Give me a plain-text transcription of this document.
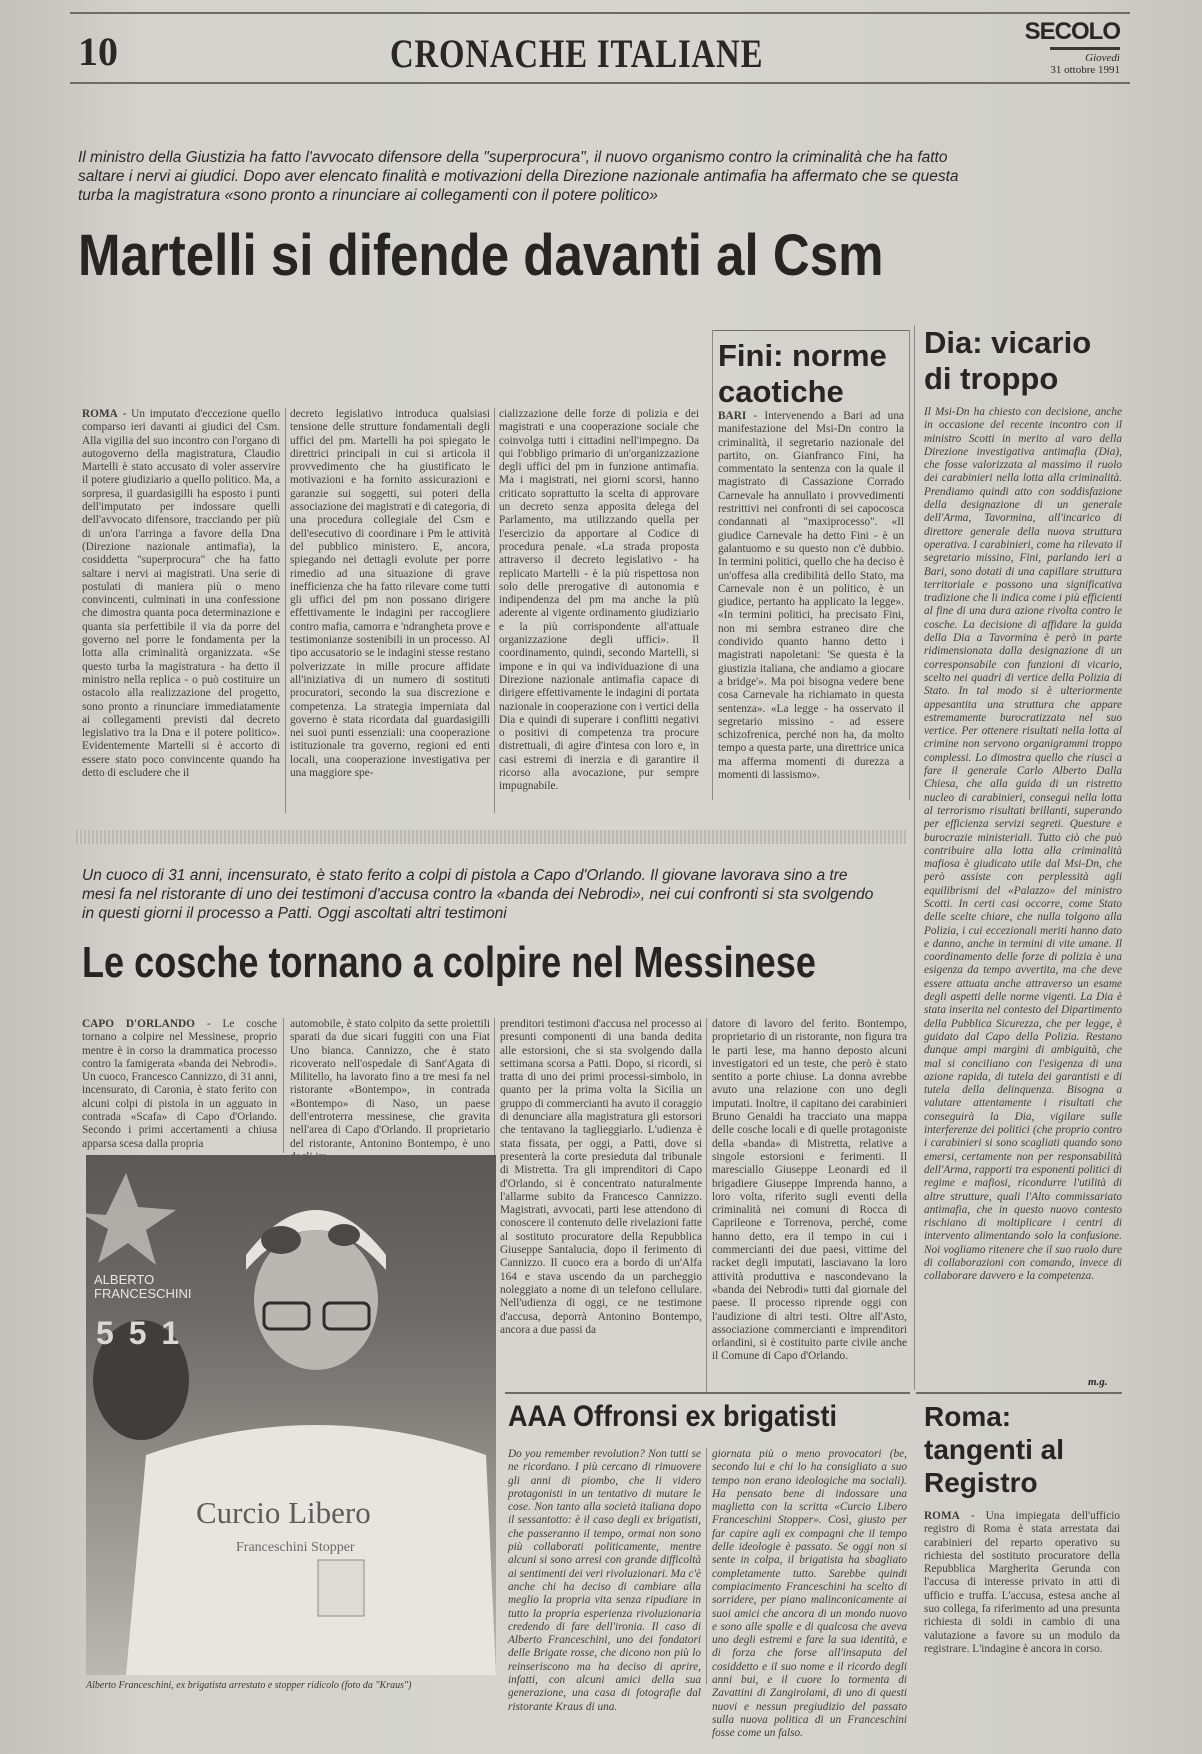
10	CRONACHE ITALIANE	SECOLO
Giovedì
31 ottobre 1991
Il ministro della Giustizia ha fatto l'avvocato difensore della "superprocura", il nuovo organismo contro la criminalità che ha fatto saltare i nervi ai giudici. Dopo aver elencato finalità e motivazioni della Direzione nazionale antimafia ha affermato che se questa turba la magistratura «sono pronto a rinunciare ai collegamenti con il potere politico»
Martelli si difende davanti al Csm
ROMA - Un imputato d'eccezione quello comparso ieri davanti ai giudici del Csm. Alla vigilia del suo incontro con l'organo di autogoverno della magistratura, Claudio Martelli è stato accusato di voler asservire il potere giudiziario a quello politico. Ma, a sorpresa, il guardasigilli ha esposto i punti dell'imputato per indossare quelli dell'avvocato difensore, tracciando per più di un'ora l'arringa a favore della Dna (Direzione nazionale antimafia), la cosiddetta "superprocura" che ha fatto saltare i nervi ai magistrati. Una serie di postulati di maniera più o meno convincenti, culminati in una confessione che dimostra quanta poca determinazione e quanta sia perfettibile il via da porre del governo nel porre le fondamenta per la lotta alla criminalità organizzata. «Se questo turba la magistratura - ha detto il ministro nella replica - o può costituire un ostacolo alla realizzazione del progetto, sono pronto a rinunciare immediatamente ai collegamenti previsti dal decreto legislativo tra la Dna e il potere politico». Evidentemente Martelli si è accorto di essere stato poco convincente quando ha detto di escludere che il
decreto legislativo introduca qualsiasi tensione delle strutture fondamentali degli uffici del pm. Martelli ha poi spiegato le direttrici principali in cui si articola il provvedimento che ha giustificato le motivazioni e ha fornito assicurazioni e garanzie sui soggetti, sui poteri della associazione dei magistrati e di categoria, di una procedura collegiale del Csm e dell'esecutivo di coordinare i Pm le attività del pubblico ministero. E, ancora, spiegando nei dettagli evolute per porre rimedio ad una situazione di grave inefficienza che ha fatto rilevare come tutti gli uffici del pm non possano dirigere effettivamente le indagini per raccogliere contro mafia, camorra e 'ndrangheta prove e testimonianze sostenibili in un processo. Al tipo accusatorio se le indagini stesse restano polverizzate in mille procure affidate all'iniziativa di un numero di sostituti procuratori, secondo la sua discrezione e competenza. La strategia imperniata dal governo è stata ricordata dal guardasigilli nei suoi punti essenziali: una cooperazione istituzionale tra governo, regioni ed enti locali, una cooperazione investigativa per una maggiore spe-
cializzazione delle forze di polizia e dei magistrati e una cooperazione sociale che coinvolga tutti i cittadini nell'impegno. Da qui l'obbligo primario di un'organizzazione degli uffici del pm in funzione antimafia. Ma i magistrati, nei giorni scorsi, hanno criticato soprattutto la scelta di approvare un decreto senza apposita delega del Parlamento, ma utilizzando quella per l'esercizio da apportare al Codice di procedura penale. «La strada proposta attraverso il decreto legislativo - ha replicato Martelli - è la più rispettosa non solo delle prerogative di autonomia e indipendenza del pm ma anche la più aderente al vigente ordinamento giudiziario e la più corrispondente all'attuale organizzazione degli uffici». Il coordinamento, quindi, secondo Martelli, si impone e in qui va individuazione di una Direzione nazionale antimafia capace di dirigere effettivamente le indagini di portata nazionale in cooperazione con i vertici della Dia e quindi di superare i conflitti negativi o positivi di competenza tra procure distrettuali, di agire d'intesa con loro e, in casi estremi di inerzia e di garantire il ricorso alla avocazione, pur sempre impugnabile.
Fini: norme caotiche
BARI - Intervenendo a Bari ad una manifestazione del Msi-Dn contro la criminalità, il segretario nazionale del partito, on. Gianfranco Fini, ha commentato la sentenza con la quale il magistrato di Cassazione Corrado Carnevale ha annullato i provvedimenti restrittivi nei confronti di sei capocosca condannati al "maxiprocesso". «Il giudice Carnevale ha detto Fini - è un galantuomo e su questo non c'è dubbio. In termini politici, quello che ha deciso è un'offesa alla credibilità dello Stato, ma Carnevale non è un politico, è un giudice, pertanto ha applicato la legge». «In termini politici, ha precisato Fini, non mi sembra estraneo dire che condivido quanto hanno detto i magistrati napoletani: 'Se questa è la giustizia italiana, che andiamo a giocare a bridge'». Ma poi bisogna vedere bene cosa Carnevale ha richiamato in questa sentenza». «La legge - ha osservato il segretario missino - ad essere schizofrenica, perché non ha, da molto tempo a questa parte, una direttrice unica ma afferma momenti di durezza a momenti di lassismo».
Dia: vicario di troppo
Il Msi-Dn ha chiesto con decisione, anche in occasione del recente incontro con il ministro Scotti in merito al varo della Direzione investigativa antimafia (Dia), che fosse valorizzata al massimo il ruolo dei carabinieri nella lotta alla criminalità. Prendiamo quindi atto con soddisfazione della designazione di un generale dell'Arma, Tavormina, all'incarico di direttore generale della nuova struttura operativa. I carabinieri, come ha rilevato il segretario missino, Fini, parlando ieri a Bari, sono dotati di una capillare struttura territoriale e possono una significativa tradizione che li indica come i più efficienti al fine di una dura azione rivolta contro le cosche. La decisione di affidare la guida della Dia a Tavormina è però in parte ridimensionata dalla designazione di un corresponsabile con funzioni di vicario, scelto nei quadri di vertice della Polizia di Stato. In tal modo si è ulteriormente appesantita una struttura che appare estremamente burocratizzata nel suo vertice. Per ottenere risultati nella lotta al crimine non servono organigrammi troppo complessi. Lo dimostra quello che riuscì a fare il generale Carlo Alberto Dalla Chiesa, che alla guida di un ristretto nucleo di carabinieri, conseguì nella lotta al terrorismo risultati brillanti, superando per efficienza servizi segreti. Questure e burocrazie ministeriali. Tutto ciò che può contribuire alla lotta alla criminalità mafiosa è giudicato utile dal Msi-Dn, che però assiste con perplessità agli equilibrismi del «Palazzo» del ministro Scotti. In certi casi occorre, come Stato delle scelte chiare, che nulla tolgono alla Polizia, i cui eccezionali meriti hanno dato e danno, anche in termini di vite umane. Il coordinamento delle forze di polizia è una esigenza da tempo avvertita, ma che deve essere attuata anche attraverso un esame degli aspetti delle norme vigenti. La Dia è stata inserita nel contesto del Dipartimento della Pubblica Sicurezza, che per legge, è guidato dal Capo della Polizia. Restano dunque ampi margini di ambiguità, che mal si conciliano con l'esigenza di una azione rapida, di tutela dei garantisti e di tutela della delinquenza. Bisogna a valutare attentamente i risultati che conseguirà la Dia, vigilare sulle interferenze dei politici (che proprio contro i carabinieri si sono scagliati quando sono emersi, certamente non per responsabilità dell'Arma, rapporti tra esponenti politici di regime e mafiosi, ricondurre l'utilità di altre strutture, quali l'Alto commissariato antimafia, che in questo nuovo contesto rischiano di moltiplicare i centri di intervento alimentando solo la confusione. Noi vogliamo ritenere che il suo ruolo dure di collaborazioni con comando, invece di collaborare davvero e la competenza.
m.g.
Un cuoco di 31 anni, incensurato, è stato ferito a colpi di pistola a Capo d'Orlando. Il giovane lavorava sino a tre mesi fa nel ristorante di uno dei testimoni d'accusa contro la «banda dei Nebrodi», nei cui confronti si sta svolgendo in questi giorni il processo a Patti. Oggi ascoltati altri testimoni
Le cosche tornano a colpire nel Messinese
CAPO D'ORLANDO - Le cosche tornano a colpire nel Messinese, proprio mentre è in corso la drammatica processo contro la famigerata «banda dei Nebrodi». Un cuoco, Francesco Cannizzo, di 31 anni, incensurato, di Caronia, è stato ferito con alcuni colpi di pistola in un agguato in contrada «Scafa» di Capo d'Orlando. Secondo i primi accertamenti a chiusa apparsa scesa dalla propria
automobile, è stato colpito da sette proiettili sparati da due sicari fuggiti con una Fiat Uno bianca. Cannizzo, che è stato ricoverato nell'ospedale di Sant'Agata di Militello, ha lavorato fino a tre mesi fa nel ristorante «Bontempo», in contrada «Bontempo» di Naso, un paese dell'entroterra messinese, che gravita nell'area di Capo d'Orlando. Il proprietario del ristorante, Antonino Bontempo, è uno
prenditori testimoni d'accusa nel processo ai presunti componenti di una banda dedita alle estorsioni, che si sta svolgendo dalla settimana scorsa a Patti. Dopo, si ricordi, si tratta di uno dei primi processi-simbolo, in quanto per la prima volta la Sicilia un gruppo di commercianti ha avuto il coraggio di denunciare alla magistratura gli estorsori che tentavano la taglieggiarlo. L'udienza è stata fissata, per oggi, a Patti, dove si presenterà la corte presieduta dal tribunale di Mistretta. Tra gli imprenditori di Capo d'Orlando, si è concentrato naturalmente l'allarme subito da Francesco Cannizzo. Magistrati, avvocati, parti lese attendono di conoscere il contenuto delle rivelazioni fatte al sostituto procuratore della Repubblica Giuseppe Santalucia, dopo il ferimento di Cannizzo. Il cuoco era a bordo di un'Alfa 164 e stava uscendo da un parcheggio noleggiato a nome di un telefono cellulare. Nell'udienza di oggi, ce ne testimone d'accusa, deporrà Antonino Bontempo, ancora a due passi da
datore di lavoro del ferito. Bontempo, proprietario di un ristorante, non figura tra le parti lese, ma hanno deposto alcuni investigatori ed un teste, che però è stato sentito a porte chiuse. La donna avrebbe avuto una relazione con uno degli imputati. Inoltre, il capitano dei carabinieri Bruno Genaldi ha tracciato una mappa delle cosche locali e di quelle protagoniste della «banda» di Mistretta, relative a singole estorsioni e ferimenti. Il maresciallo Giuseppe Leonardi ed il brigadiere Giuseppe Imprenda hanno, a loro volta, riferito sugli eventi della criminalità nei comuni di Rocca di Caprileone e Torrenova, perché, come hanno detto, era il tempo in cui i commercianti dei due paesi, vittime del racket degli imputati, lasciavano la loro attività produttiva e nascondevano la «banda dei Nebrodi» tutti dal giornale del paese. Il processo riprende oggi con l'audizione di altri testi. Oltre all'Asto, associazione commercianti e imprenditori orlandini, si è costituito parte civile anche il Comune di Capo d'Orlando.
ALBERTO
FRANCESCHINI
5 5 1
Curcio Libero
Franceschini Stopper
Alberto Franceschini, ex brigatista arrestato e stopper ridicolo (foto da "Kraus")
AAA Offronsi ex brigatisti
Do you remember revolution? Non tutti se ne ricordano. I più cercano di rimuovere gli anni di piombo, che li videro protagonisti in un tentativo di mutare le cose. Non tanto alla società italiana dopo il sessantotto: è il caso degli ex brigatisti, che passeranno il tempo, ormai non sono più collaborati politicamente, mentre alcuni si sono arresi con grande difficoltà ai sentimenti dei veri rivoluzionari. Ma c'è anche chi ha deciso di cambiare alla meglio la propria vita senza ripudiare in tutto la propria esperienza rivoluzionaria credendo di fare dell'ironia. Il caso di Alberto Franceschini, uno dei fondatori delle Brigate rosse, che dicono non più lo reinseriscono ma ha deciso di aprire, infatti, con alcuni amici della sua generazione, una casa di fotografie dal ristorante Kraus di una.
giornata più o meno provocatori (be, secondo lui e chi lo ha consigliato a suo tempo non erano ideologiche ma sociali). Ha pensato bene di indossare una maglietta con la scritta «Curcio Libero Franceschini Stopper». Così, giusto per far capire agli ex compagni che il tempo delle ideologie è passato. Se oggi non si sente in colpa, il brigatista ha sbagliato completamente tutto. Sarebbe quindi compiacimento Franceschini ha scelto di sorridere, per piano malinconicamente ai suoi amici che ancora di un mondo nuovo e sono alle spalle e di qualcosa che aveva uno degli estremi e fare la sua identità, e di forza che forse all'insaputa del cosiddetto e il suo nome e il ricordo degli anni bui, e il cuore lo tormenta di Zavattini di Zangirolami, di uno di questi nuovi e nessun pregiudizio del passato sulla nuova politica di un Franceschini fosse come un falso.
Roma: tangenti al Registro
ROMA - Una impiegata dell'ufficio registro di Roma è stata arrestata dai carabinieri del reparto operativo su richiesta del sostituto procuratore della Repubblica Margherita Gerunda con l'accusa di interesse privato in atti di ufficio e truffa. L'accusa, estesa anche al suo collega, fa riferimento ad una presunta richiesta di soldi in cambio di una valutazione a favore su un modulo da registrare. L'indagine è ancora in corso.
